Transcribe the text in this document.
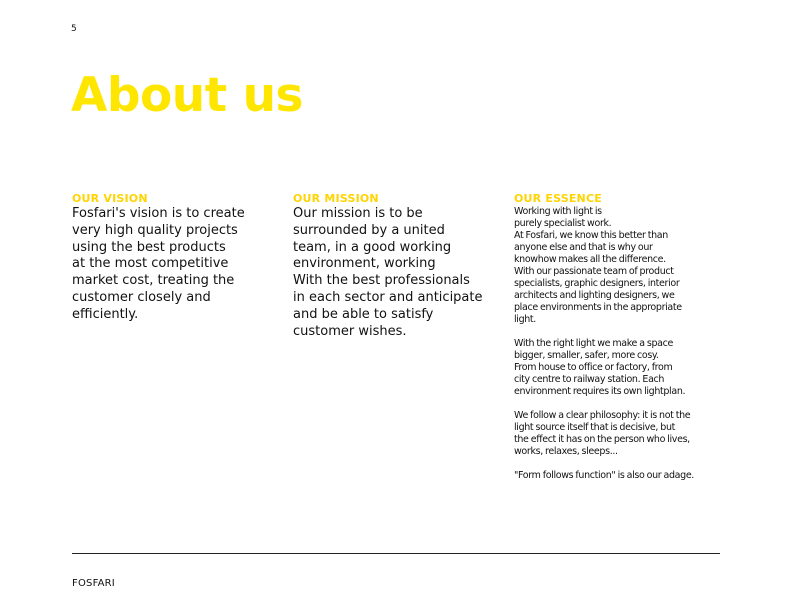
5
About us
OUR VISION
Fosfari's vision is to create
very high quality projects
using the best products
at the most competitive
market cost, treating the
customer closely and
efficiently.
OUR MISSION
Our mission is to be
surrounded by a united
team, in a good working
environment, working
With the best professionals
in each sector and anticipate
and be able to satisfy
customer wishes.
OUR ESSENCE
Working with light is
purely specialist work.
At Fosfari, we know this better than
anyone else and that is why our
knowhow makes all the difference.
With our passionate team of product
specialists, graphic designers, interior
architects and lighting designers, we
place environments in the appropriate
light.

With the right light we make a space
bigger, smaller, safer, more cosy.
From house to office or factory, from
city centre to railway station. Each
environment requires its own lightplan.

We follow a clear philosophy: it is not the
light source itself that is decisive, but
the effect it has on the person who lives,
works, relaxes, sleeps...

"Form follows function" is also our adage.
FOSFARI
